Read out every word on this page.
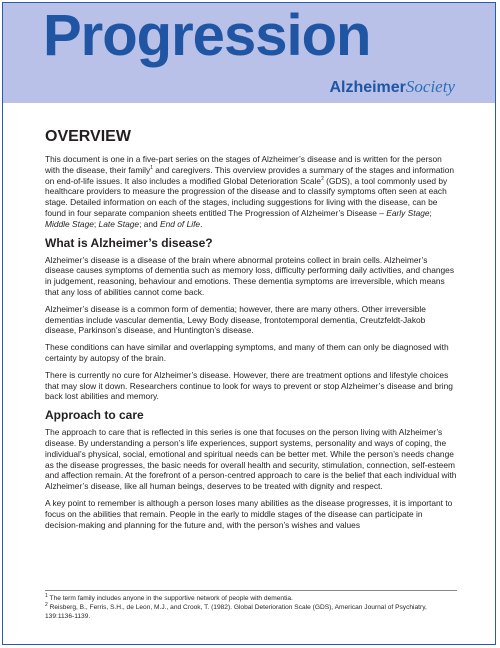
Progression
AlzheimerSociety
OVERVIEW

This document is one in a five-part series on the stages of Alzheimer’s disease and is written for the person with the disease, their family$^1$ and caregivers. This overview provides a summary of the stages and information on end-of-life issues. It also includes a modified Global Deterioration Scale$^2$ (GDS), a tool commonly used by healthcare providers to measure the progression of the disease and to classify symptoms often seen at each stage. Detailed information on each of the stages, including suggestions for living with the disease, can be found in four separate companion sheets entitled The Progression of Alzheimer’s Disease – Early Stage; Middle Stage; Late Stage; and End of Life.

What is Alzheimer’s disease?

Alzheimer’s disease is a disease of the brain where abnormal proteins collect in brain cells. Alzheimer’s disease causes symptoms of dementia such as memory loss, difficulty performing daily activities, and changes in judgement, reasoning, behaviour and emotions. These dementia symptoms are irreversible, which means that any loss of abilities cannot come back.

Alzheimer’s disease is a common form of dementia; however, there are many others. Other irreversible dementias include vascular dementia, Lewy Body disease, frontotemporal dementia, Creutzfeldt-Jakob disease, Parkinson’s disease, and Huntington’s disease.

These conditions can have similar and overlapping symptoms, and many of them can only be diagnosed with certainty by autopsy of the brain.

There is currently no cure for Alzheimer’s disease. However, there are treatment options and lifestyle choices that may slow it down. Researchers continue to look for ways to prevent or stop Alzheimer’s disease and bring back lost abilities and memory.

Approach to care

The approach to care that is reflected in this series is one that focuses on the person living with Alzheimer’s disease. By understanding a person’s life experiences, support systems, personality and ways of coping, the individual’s physical, social, emotional and spiritual needs can be better met. While the person’s needs change as the disease progresses, the basic needs for overall health and security, stimulation, connection, self-esteem and affection remain. At the forefront of a person-centred approach to care is the belief that each individual with Alzheimer’s disease, like all human beings, deserves to be treated with dignity and respect.

A key point to remember is although a person loses many abilities as the disease progresses, it is important to focus on the abilities that remain. People in the early to middle stages of the disease can participate in decision-making and planning for the future and, with the person’s wishes and values

$^1$ The term family includes anyone in the supportive network of people with dementia.

$^2$ Reisberg, B., Ferris, S.H., de Leon, M.J., and Crook, T. (1982). Global Deterioration Scale (GDS), American Journal of Psychiatry, 139:1136-1139.
